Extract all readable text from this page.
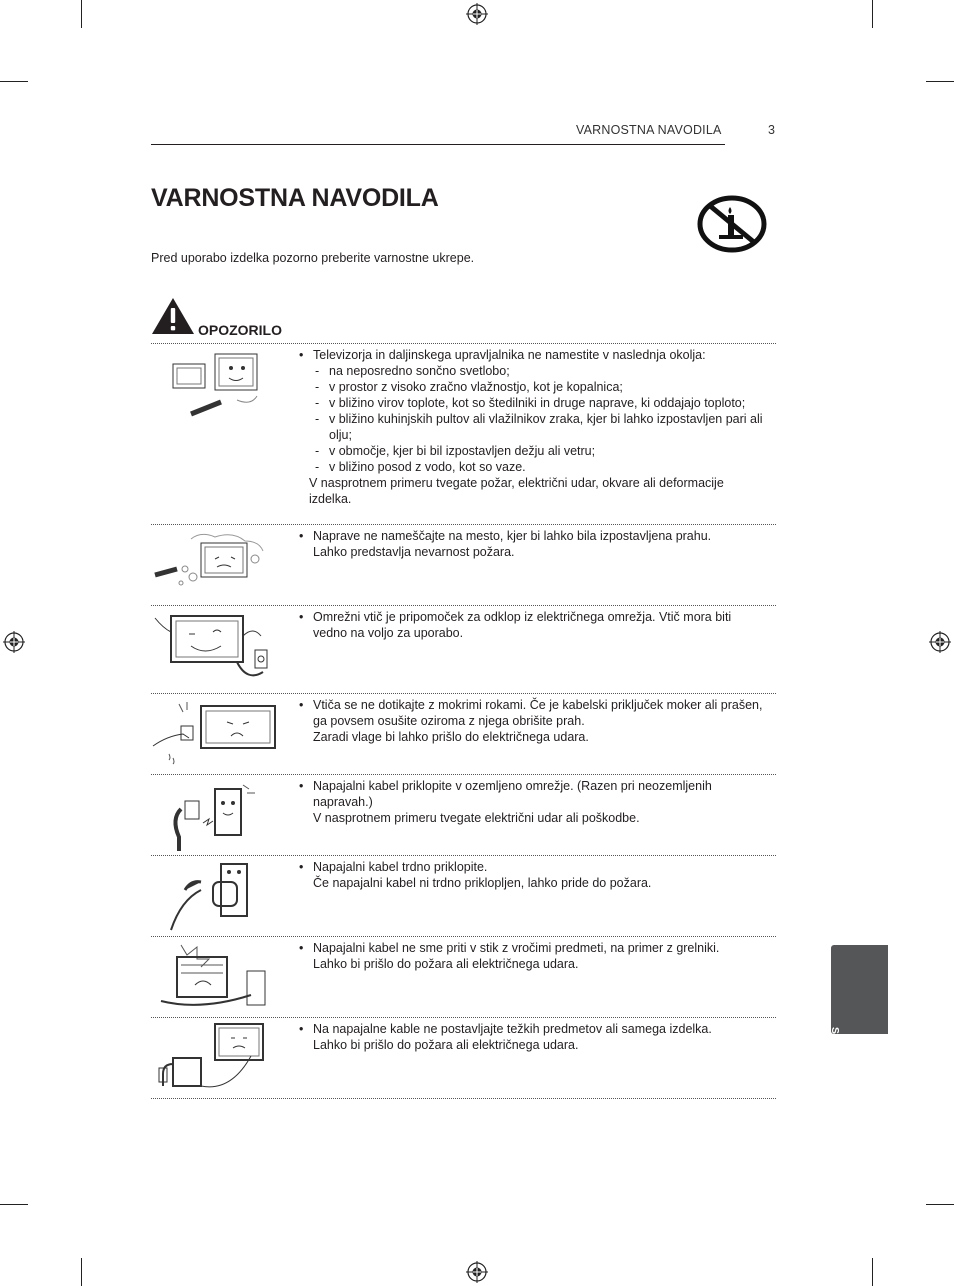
VARNOSTNA NAVODILA	3
VARNOSTNA NAVODILA
Pred uporabo izdelka pozorno preberite varnostne ukrepe.
OPOZORILO
• Televizorja in daljinskega upravljalnika ne namestite v naslednja okolja:
- na neposredno sončno svetlobo;
- v prostor z visoko zračno vlažnostjo, kot je kopalnica;
- v bližino virov toplote, kot so štedilniki in druge naprave, ki oddajajo toploto;
- v bližino kuhinjskih pultov ali vlažilnikov zraka, kjer bi lahko izpostavljen pari ali olju;
- v območje, kjer bi bil izpostavljen dežju ali vetru;
- v bližino posod z vodo, kot so vaze.
V nasprotnem primeru tvegate požar, električni udar, okvare ali deformacije izdelka.
• Naprave ne nameščajte na mesto, kjer bi lahko bila izpostavljena prahu.
Lahko predstavlja nevarnost požara.
• Omrežni vtič je pripomoček za odklop iz električnega omrežja. Vtič mora biti vedno na voljo za uporabo.
• Vtiča se ne dotikajte z mokrimi rokami. Če je kabelski priključek moker ali prašen, ga povsem osušite oziroma z njega obrišite prah.
Zaradi vlage bi lahko prišlo do električnega udara.
• Napajalni kabel priklopite v ozemljeno omrežje. (Razen pri neozemljenih napravah.)
V nasprotnem primeru tvegate električni udar ali poškodbe.
• Napajalni kabel trdno priklopite.
Če napajalni kabel ni trdno priklopljen, lahko pride do požara.
• Napajalni kabel ne sme priti v stik z vročimi predmeti, na primer z grelniki.
Lahko bi prišlo do požara ali električnega udara.
• Na napajalne kable ne postavljajte težkih predmetov ali samega izdelka.
Lahko bi prišlo do požara ali električnega udara.	SLOVENŠČINA
